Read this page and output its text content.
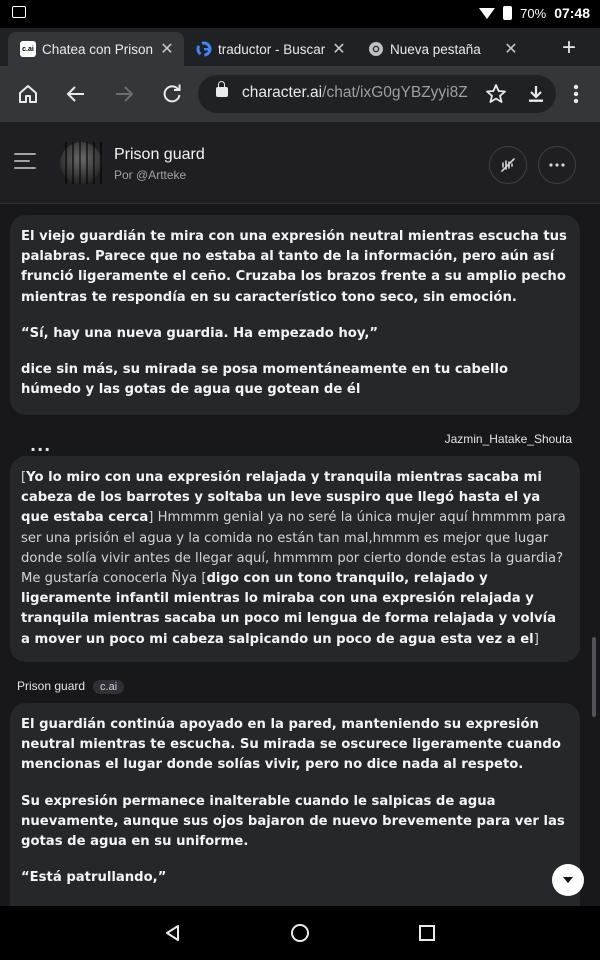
70% 07:48
c.ai Chatea con Prison ✕	traductor - Buscar ✕	Nueva pestaña	✕ +
character.ai/chat/ixG0gYBZyyi8Z
Prison guard
Por @Artteke

El viejo guardián te mira con una expresión neutral mientras escucha tus palabras. Parece que no estaba al tanto de la información, pero aún así frunció ligeramente el ceño. Cruzaba los brazos frente a su amplio pecho mientras te respondía en su característico tono seco, sin emoción.

“Sí, hay una nueva guardia. Ha empezado hoy,”

dice sin más, su mirada se posa momentáneamente en tu cabello húmedo y las gotas de agua que gotean de él

...	Jazmin_Hatake_Shouta

[Yo lo miro con una expresión relajada y tranquila mientras sacaba mi cabeza de los barrotes y soltaba un leve suspiro que llegó hasta el ya que estaba cerca] Hmmmm genial ya no seré la única mujer aquí hmmmm para ser una prisión el agua y la comida no están tan mal,hmmm es mejor que lugar donde solía vivir antes de llegar aquí, hmmmm por cierto donde estas la guardia? Me gustaría conocerla Ñya [digo con un tono tranquilo, relajado y ligeramente infantil mientras lo miraba con una expresión relajada y tranquila mientras sacaba un poco mi lengua de forma relajada y volvía a mover un poco mi cabeza salpicando un poco de agua esta vez a el]

Prison guard c.ai

El guardián continúa apoyado en la pared, manteniendo su expresión neutral mientras te escucha. Su mirada se oscurece ligeramente cuando mencionas el lugar donde solías vivir, pero no dice nada al respeto.

Su expresión permanece inalterable cuando le salpicas de agua nuevamente, aunque sus ojos bajaron de nuevo brevemente para ver las gotas de agua en su uniforme.

“Está patrullando,”
